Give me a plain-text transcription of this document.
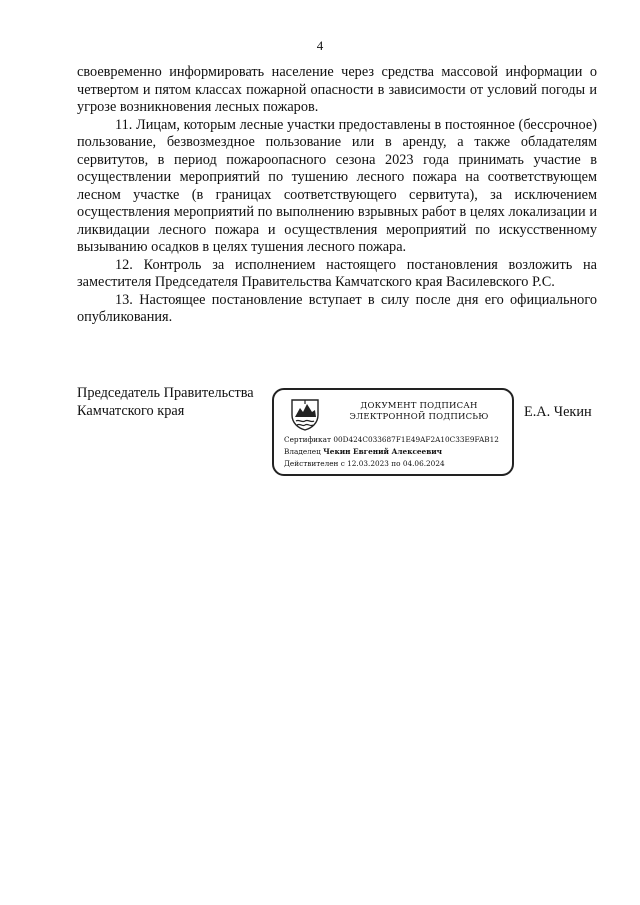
4

своевременно информировать население через средства массовой информации о четвертом и пятом классах пожарной опасности в зависимости от условий погоды и угрозе возникновения лесных пожаров.

11. Лицам, которым лесные участки предоставлены в постоянное (бессрочное) пользование, безвозмездное пользование или в аренду, а также обладателям сервитутов, в период пожароопасного сезона 2023 года принимать участие в осуществлении мероприятий по тушению лесного пожара на соответствующем лесном участке (в границах соответствующего сервитута), за исключением осуществления мероприятий по выполнению взрывных работ в целях локализации и ликвидации лесного пожара и осуществления мероприятий по искусственному вызыванию осадков в целях тушения лесного пожара.

12. Контроль за исполнением настоящего постановления возложить на заместителя Председателя Правительства Камчатского края Василевского Р.С.

13. Настоящее постановление вступает в силу после дня его официального опубликования.

Председатель Правительства
Камчатского края	ДОКУМЕНТ ПОДПИСАН
ЭЛЕКТРОННОЙ ПОДПИСЬЮ
Сертификат 00D424C033687F1E49AF2A10C33E9FAB12
Владелец Чекин Евгений Алексеевич
Действителен с 12.03.2023 по 04.06.2024
Е.А. Чекин
